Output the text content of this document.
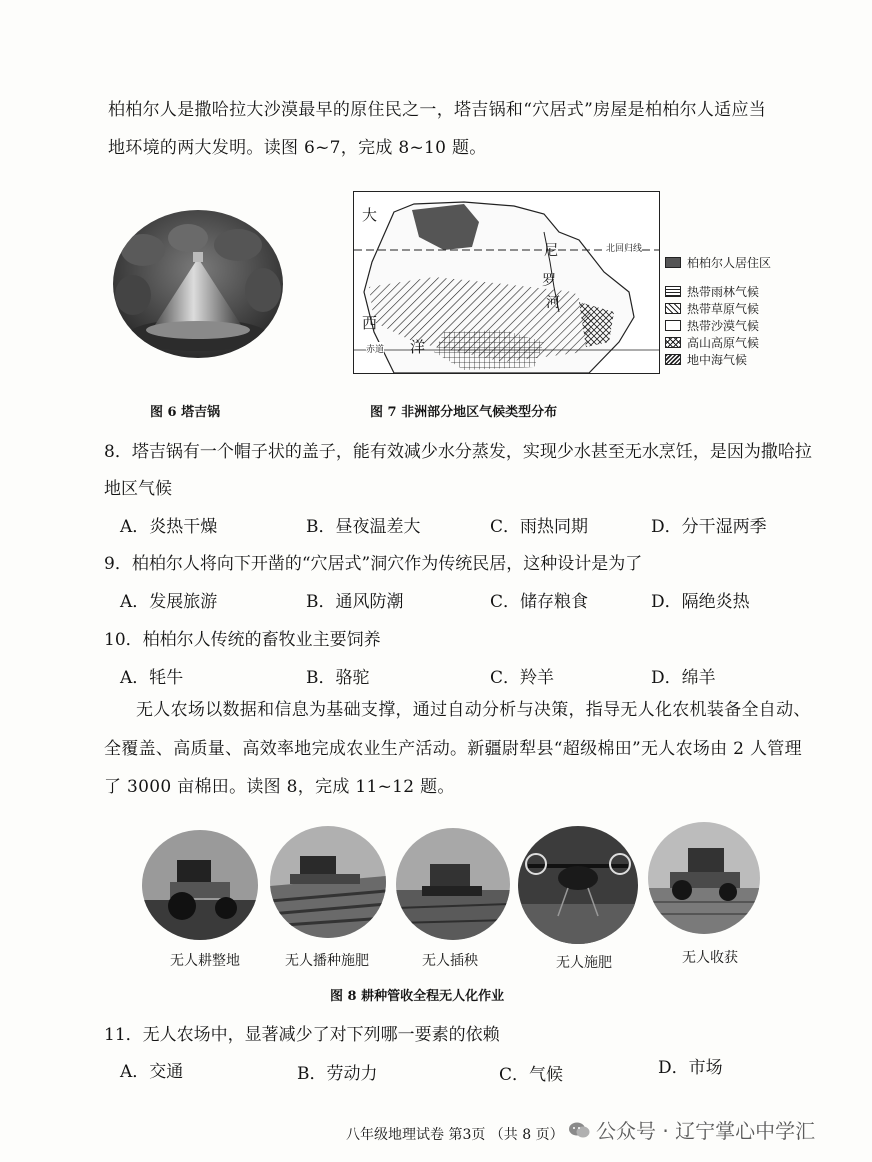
柏柏尔人是撒哈拉大沙漠最早的原住民之一，塔吉锅和“穴居式”房屋是柏柏尔人适应当
地环境的两大发明。读图 6~7，完成 8~10 题。
图 6 塔吉锅
大
西
洋
尼
罗
河
北回归线
赤道
柏柏尔人居住区
热带雨林气候
热带草原气候
热带沙漠气候
高山高原气候
地中海气候
图 7 非洲部分地区气候类型分布
8．塔吉锅有一个帽子状的盖子，能有效减少水分蒸发，实现少水甚至无水烹饪，是因为撒哈拉
地区气候
A．炎热干燥	B．昼夜温差大	C．雨热同期	D．分干湿两季
9．柏柏尔人将向下开凿的“穴居式”洞穴作为传统民居，这种设计是为了
A．发展旅游	B．通风防潮	C．储存粮食	D．隔绝炎热
10．柏柏尔人传统的畜牧业主要饲养
A．牦牛	B．骆驼	C．羚羊	D．绵羊
无人农场以数据和信息为基础支撑，通过自动分析与决策，指导无人化农机装备全自动、
全覆盖、高质量、高效率地完成农业生产活动。新疆尉犁县“超级棉田”无人农场由 2 人管理
了 3000 亩棉田。读图 8，完成 11~12 题。
无人耕整地	无人播种施肥	无人插秧	无人施肥	无人收获
图 8 耕种管收全程无人化作业
11．无人农场中，显著减少了对下列哪一要素的依赖
A．交通	B．劳动力	C．气候	D．市场
八年级地理试卷 第3页 （共 8 页） 公众号 · 辽宁掌心中学汇
